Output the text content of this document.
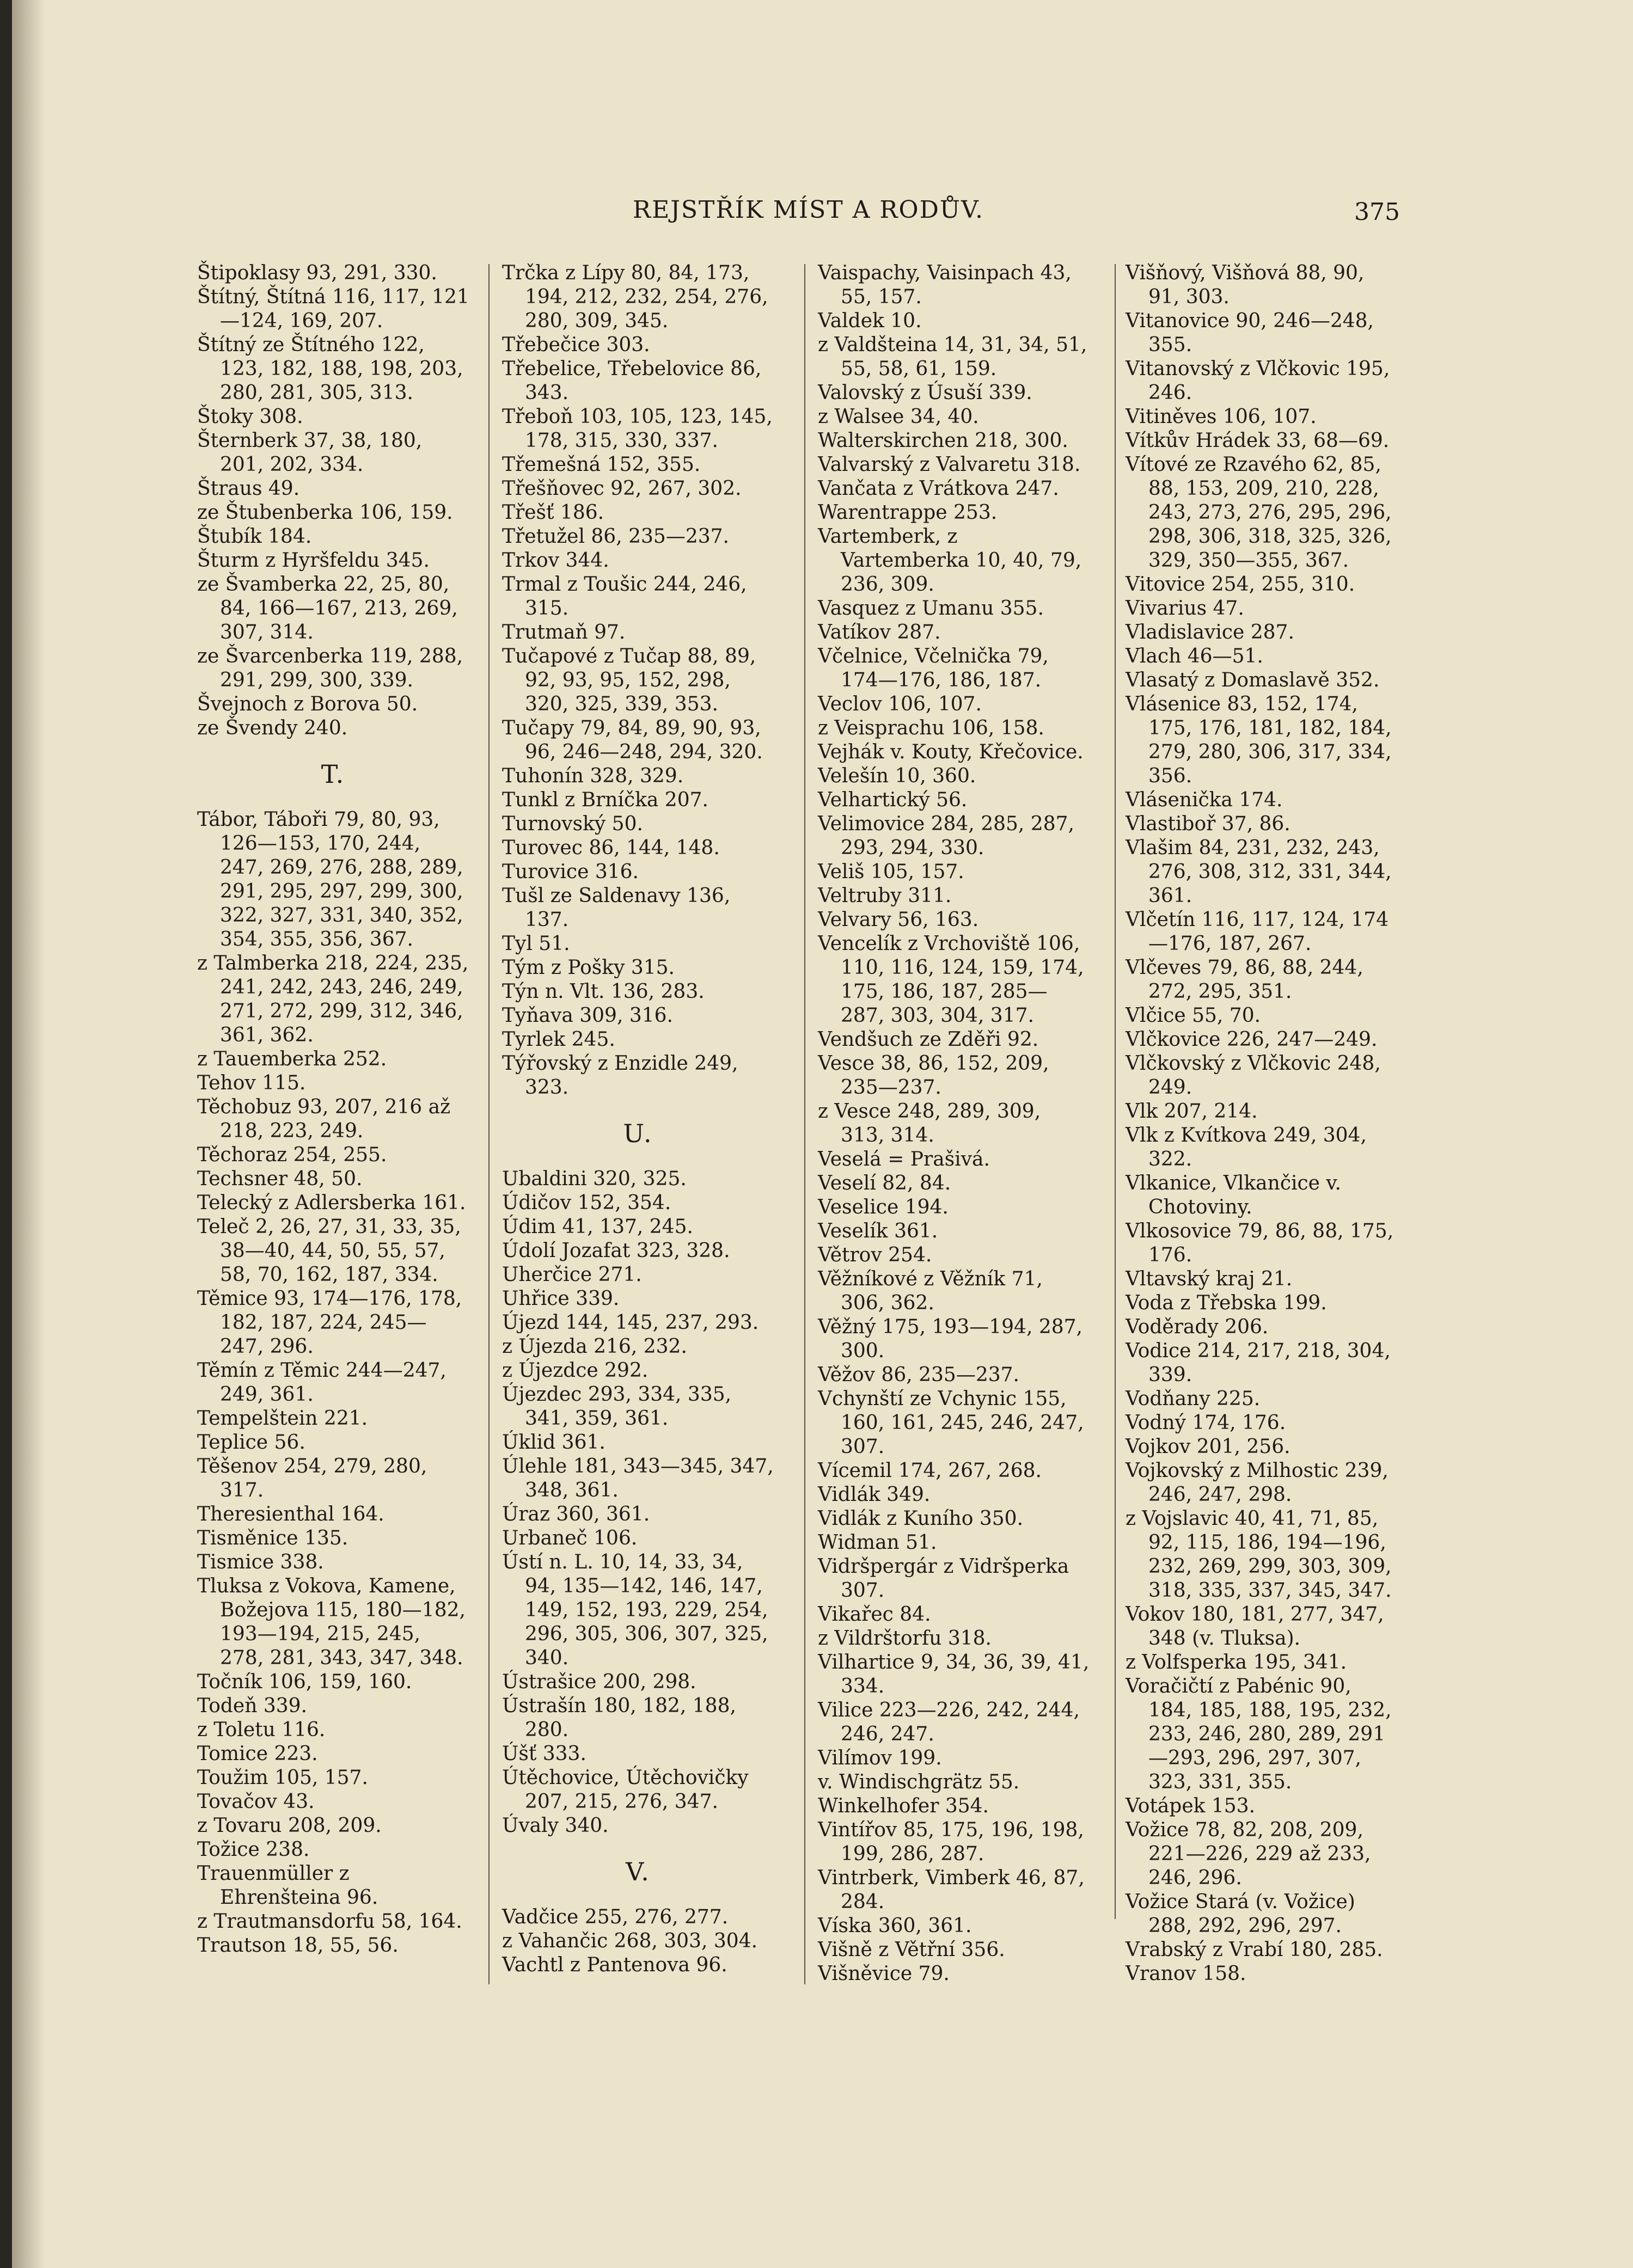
REJSTŘÍK MÍST A RODŮV.	375
Štipoklasy 93, 291, 330.
Štítný, Štítná 116, 117, 121—124, 169, 207.
Štítný ze Štítného 122, 123, 182, 188, 198, 203, 280, 281, 305, 313.
Štoky 308.
Šternberk 37, 38, 180, 201, 202, 334.
Štraus 49.
ze Štubenberka 106, 159.
Štubík 184.
Šturm z Hyršfeldu 345.
ze Švamberka 22, 25, 80, 84, 166—167, 213, 269, 307, 314.
ze Švarcenberka 119, 288, 291, 299, 300, 339.
Švejnoch z Borova 50.
ze Švendy 240.
T.
Tábor, Táboři 79, 80, 93, 126—153, 170, 244, 247, 269, 276, 288, 289, 291, 295, 297, 299, 300, 322, 327, 331, 340, 352, 354, 355, 356, 367.
z Talmberka 218, 224, 235, 241, 242, 243, 246, 249, 271, 272, 299, 312, 346, 361, 362.
z Tauemberka 252.
Tehov 115.
Těchobuz 93, 207, 216 až 218, 223, 249.
Těchoraz 254, 255.
Techsner 48, 50.
Telecký z Adlersberka 161.
Teleč 2, 26, 27, 31, 33, 35, 38—40, 44, 50, 55, 57, 58, 70, 162, 187, 334.
Těmice 93, 174—176, 178, 182, 187, 224, 245—247, 296.
Těmín z Těmic 244—247, 249, 361.
Tempelštein 221.
Teplice 56.
Těšenov 254, 279, 280, 317.
Theresienthal 164.
Tisměnice 135.
Tismice 338.
Tluksa z Vokova, Kamene, Božejova 115, 180—182, 193—194, 215, 245, 278, 281, 343, 347, 348.
Točník 106, 159, 160.
Todeň 339.
z Toletu 116.
Tomice 223.
Toužim 105, 157.
Tovačov 43.
z Tovaru 208, 209.
Tožice 238.
Trauenmüller z Ehrenšteina 96.
z Trautmansdorfu 58, 164.
Trautson 18, 55, 56.
Trčka z Lípy 80, 84, 173, 194, 212, 232, 254, 276, 280, 309, 345.
Třebečice 303.
Třebelice, Třebelovice 86, 343.
Třeboň 103, 105, 123, 145, 178, 315, 330, 337.
Třemešná 152, 355.
Třešňovec 92, 267, 302.
Třešť 186.
Třetužel 86, 235—237.
Trkov 344.
Trmal z Toušic 244, 246, 315.
Trutmaň 97.
Tučapové z Tučap 88, 89, 92, 93, 95, 152, 298, 320, 325, 339, 353.
Tučapy 79, 84, 89, 90, 93, 96, 246—248, 294, 320.
Tuhonín 328, 329.
Tunkl z Brníčka 207.
Turnovský 50.
Turovec 86, 144, 148.
Turovice 316.
Tušl ze Saldenavy 136, 137.
Tyl 51.
Tým z Pošky 315.
Týn n. Vlt. 136, 283.
Tyňava 309, 316.
Tyrlek 245.
Týřovský z Enzidle 249, 323.
U.
Ubaldini 320, 325.
Údičov 152, 354.
Údim 41, 137, 245.
Údolí Jozafat 323, 328.
Uherčice 271.
Uhřice 339.
Újezd 144, 145, 237, 293.
z Újezda 216, 232.
z Újezdce 292.
Újezdec 293, 334, 335, 341, 359, 361.
Úklid 361.
Úlehle 181, 343—345, 347, 348, 361.
Úraz 360, 361.
Urbaneč 106.
Ústí n. L. 10, 14, 33, 34, 94, 135—142, 146, 147, 149, 152, 193, 229, 254, 296, 305, 306, 307, 325, 340.
Ústrašice 200, 298.
Ústrašín 180, 182, 188, 280.
Úšť 333.
Útěchovice, Útěchovičky 207, 215, 276, 347.
Úvaly 340.
V.
Vadčice 255, 276, 277.
z Vahančic 268, 303, 304.
Vachtl z Pantenova 96.
Vaispachy, Vaisinpach 43, 55, 157.
Valdek 10.
z Valdšteina 14, 31, 34, 51, 55, 58, 61, 159.
Valovský z Úsuší 339.
z Walsee 34, 40.
Walterskirchen 218, 300.
Valvarský z Valvaretu 318.
Vančata z Vrátkova 247.
Warentrappe 253.
Vartemberk, z Vartemberka 10, 40, 79, 236, 309.
Vasquez z Umanu 355.
Vatíkov 287.
Včelnice, Včelnička 79, 174—176, 186, 187.
Veclov 106, 107.
z Veisprachu 106, 158.
Vejhák v. Kouty, Křečovice.
Velešín 10, 360.
Velhartický 56.
Velimovice 284, 285, 287, 293, 294, 330.
Veliš 105, 157.
Veltruby 311.
Velvary 56, 163.
Vencelík z Vrchoviště 106, 110, 116, 124, 159, 174, 175, 186, 187, 285—287, 303, 304, 317.
Vendšuch ze Zděři 92.
Vesce 38, 86, 152, 209, 235—237.
z Vesce 248, 289, 309, 313, 314.
Veselá = Prašivá.
Veselí 82, 84.
Veselice 194.
Veselík 361.
Větrov 254.
Věžníkové z Věžník 71, 306, 362.
Věžný 175, 193—194, 287, 300.
Věžov 86, 235—237.
Vchynští ze Vchynic 155, 160, 161, 245, 246, 247, 307.
Vícemil 174, 267, 268.
Vidlák 349.
Vidlák z Kuního 350.
Widman 51.
Vidršpergár z Vidršperka 307.
Vikařec 84.
z Vildrštorfu 318.
Vilhartice 9, 34, 36, 39, 41, 334.
Vilice 223—226, 242, 244, 246, 247.
Vilímov 199.
v. Windischgrätz 55.
Winkelhofer 354.
Vintířov 85, 175, 196, 198, 199, 286, 287.
Vintrberk, Vimberk 46, 87, 284.
Víska 360, 361.
Višně z Větřní 356.
Višněvice 79.
Višňový, Višňová 88, 90, 91, 303.
Vitanovice 90, 246—248, 355.
Vitanovský z Vlčkovic 195, 246.
Vitiněves 106, 107.
Vítkův Hrádek 33, 68—69.
Vítové ze Rzavého 62, 85, 88, 153, 209, 210, 228, 243, 273, 276, 295, 296, 298, 306, 318, 325, 326, 329, 350—355, 367.
Vitovice 254, 255, 310.
Vivarius 47.
Vladislavice 287.
Vlach 46—51.
Vlasatý z Domaslavě 352.
Vlásenice 83, 152, 174, 175, 176, 181, 182, 184, 279, 280, 306, 317, 334, 356.
Vlásenička 174.
Vlastiboř 37, 86.
Vlašim 84, 231, 232, 243, 276, 308, 312, 331, 344, 361.
Vlčetín 116, 117, 124, 174—176, 187, 267.
Vlčeves 79, 86, 88, 244, 272, 295, 351.
Vlčice 55, 70.
Vlčkovice 226, 247—249.
Vlčkovský z Vlčkovic 248, 249.
Vlk 207, 214.
Vlk z Kvítkova 249, 304, 322.
Vlkanice, Vlkančice v. Chotoviny.
Vlkosovice 79, 86, 88, 175, 176.
Vltavský kraj 21.
Voda z Třebska 199.
Voděrady 206.
Vodice 214, 217, 218, 304, 339.
Vodňany 225.
Vodný 174, 176.
Vojkov 201, 256.
Vojkovský z Milhostic 239, 246, 247, 298.
z Vojslavic 40, 41, 71, 85, 92, 115, 186, 194—196, 232, 269, 299, 303, 309, 318, 335, 337, 345, 347.
Vokov 180, 181, 277, 347, 348 (v. Tluksa).
z Volfsperka 195, 341.
Voračičtí z Pabénic 90, 184, 185, 188, 195, 232, 233, 246, 280, 289, 291—293, 296, 297, 307, 323, 331, 355.
Votápek 153.
Vožice 78, 82, 208, 209, 221—226, 229 až 233, 246, 296.
Vožice Stará (v. Vožice) 288, 292, 296, 297.
Vrabský z Vrabí 180, 285.
Vranov 158.
